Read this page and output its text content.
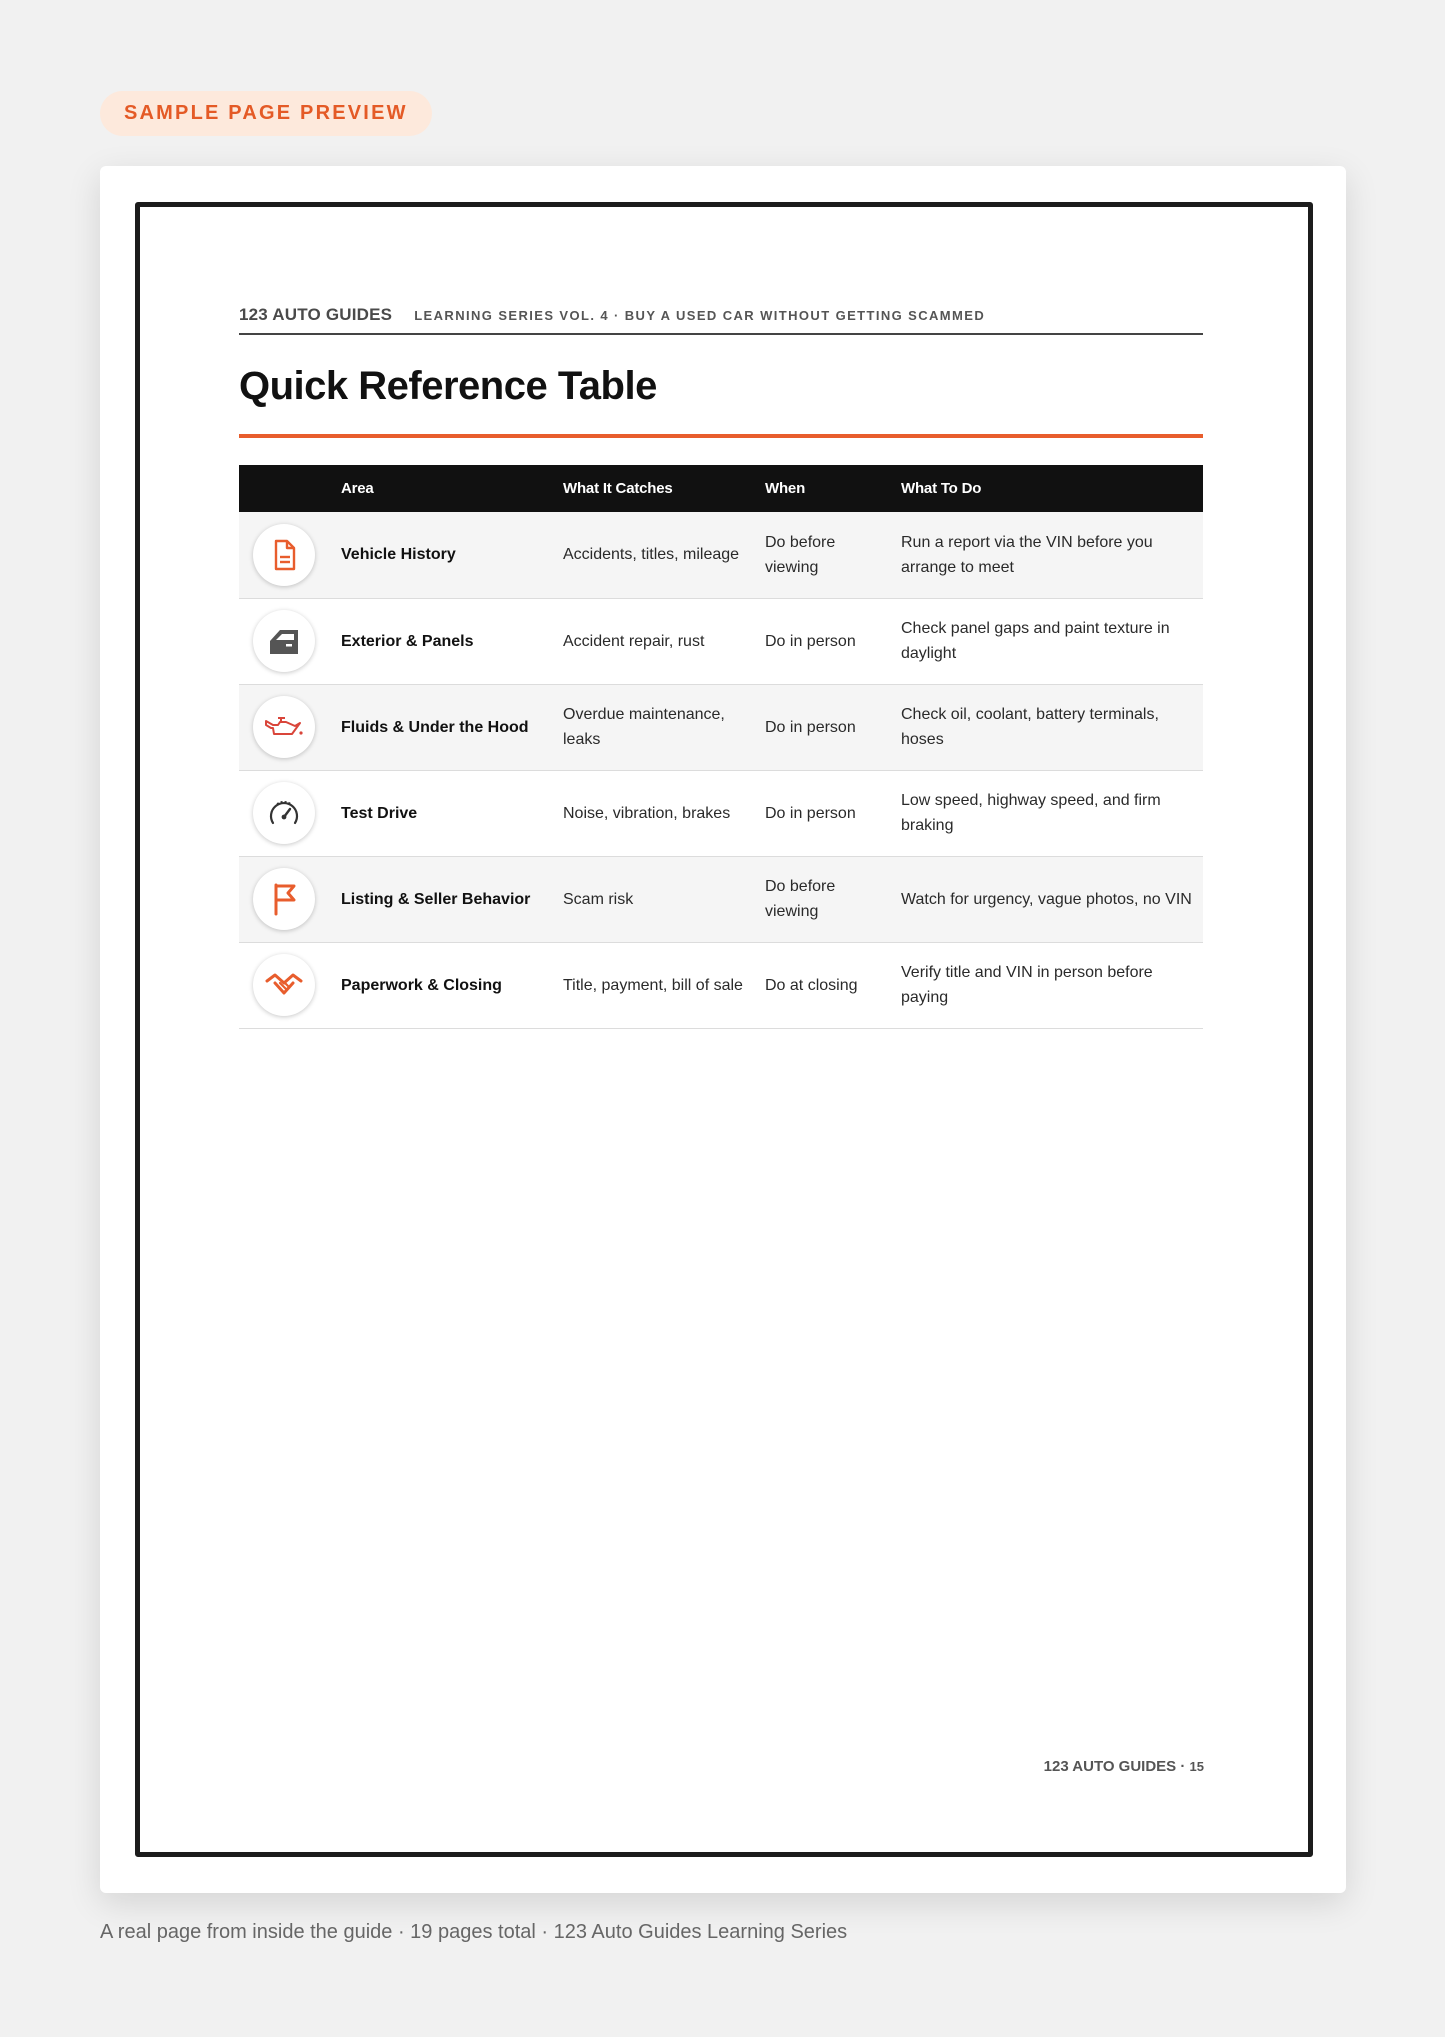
SAMPLE PAGE PREVIEW
123 AUTO GUIDES LEARNING SERIES VOL. 4 · BUY A USED CAR WITHOUT GETTING SCAMMED
Quick Reference Table
	Area	What It Catches	When	What To Do

	Vehicle History	Accidents, titles, mileage	Do before viewing	Run a report via the VIN before you arrange to meet

	Exterior & Panels	Accident repair, rust	Do in person	Check panel gaps and paint texture in daylight

	Fluids & Under the Hood	Overdue maintenance, leaks	Do in person	Check oil, coolant, battery terminals, hoses

	Test Drive	Noise, vibration, brakes	Do in person	Low speed, highway speed, and firm braking

	Listing & Seller Behavior	Scam risk	Do before viewing	Watch for urgency, vague photos, no VIN

	Paperwork & Closing	Title, payment, bill of sale	Do at closing	Verify title and VIN in person before paying
123 AUTO GUIDES · 15
A real page from inside the guide · 19 pages total · 123 Auto Guides Learning Series
